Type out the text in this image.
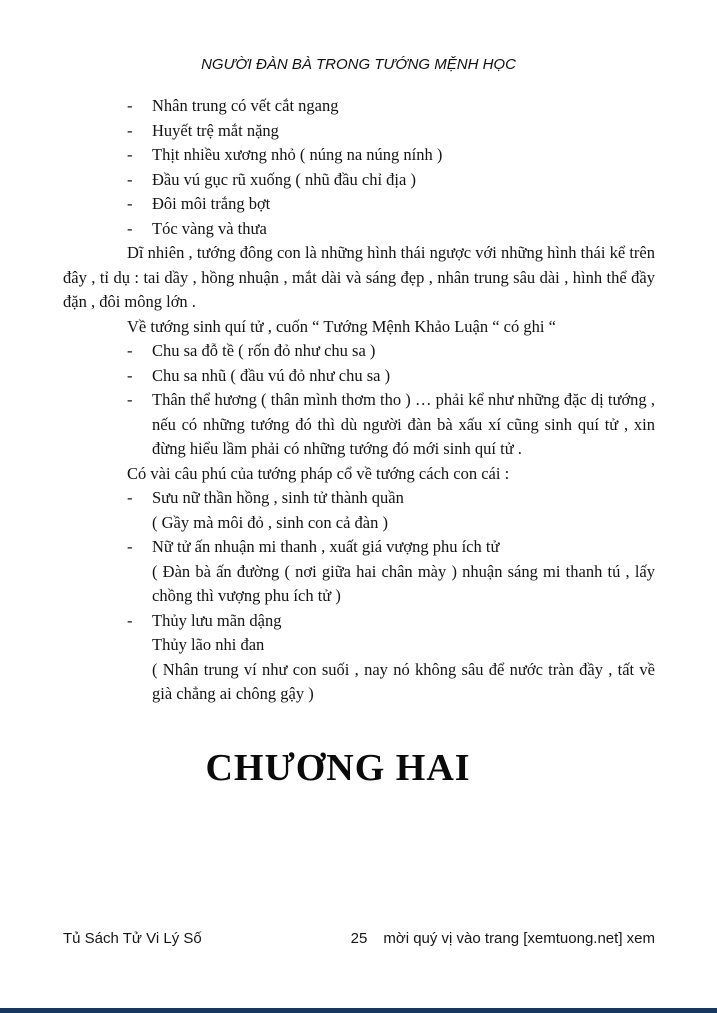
NGƯỜI ĐÀN BÀ TRONG TƯỚNG MỆNH HỌC
- Nhân trung có vết cắt ngang
- Huyết trệ mắt nặng
- Thịt nhiều xương nhỏ ( núng na núng nính )
- Đầu vú gục rũ xuống ( nhũ đầu chỉ địa )
- Đôi môi trắng bợt
- Tóc vàng và thưa
Dĩ nhiên , tướng đông con là những hình thái ngược với những hình thái kể trên đây , tỉ dụ : tai dầy , hồng nhuận , mắt dài và sáng đẹp , nhân trung sâu dài , hình thể đầy đặn , đôi mông lớn .
Về tướng sinh quí tử , cuốn “ Tướng Mệnh Khảo Luận “ có ghi “
- Chu sa đỗ tề ( rốn đỏ như chu sa )
- Chu sa nhũ ( đầu vú đỏ như chu sa )
- Thân thể hương ( thân mình thơm tho ) … phải kể như những đặc dị tướng , nếu có những tướng đó thì dù người đàn bà xấu xí cũng sinh quí tử , xin đừng hiểu lầm phải có những tướng đó mới sinh quí tử .
Có vài câu phú của tướng pháp cổ về tướng cách con cái :
- Sưu nữ thần hồng , sinh tử thành quần
( Gầy mà môi đỏ , sinh con cả đàn )
- Nữ tử ấn nhuận mi thanh , xuất giá vượng phu ích tử
( Đàn bà ấn đường ( nơi giữa hai chân mày ) nhuận sáng mi thanh tú , lấy chồng thì vượng phu ích tử )
- Thủy lưu mãn dậng
Thủy lão nhi đan
( Nhân trung ví như con suối , nay nó không sâu để nước tràn đầy , tất về già chẳng ai chông gậy )
CHƯƠNG HAI
Tủ Sách Tử Vi Lý Số	25	mời quý vị vào trang [xemtuong.net] xem
